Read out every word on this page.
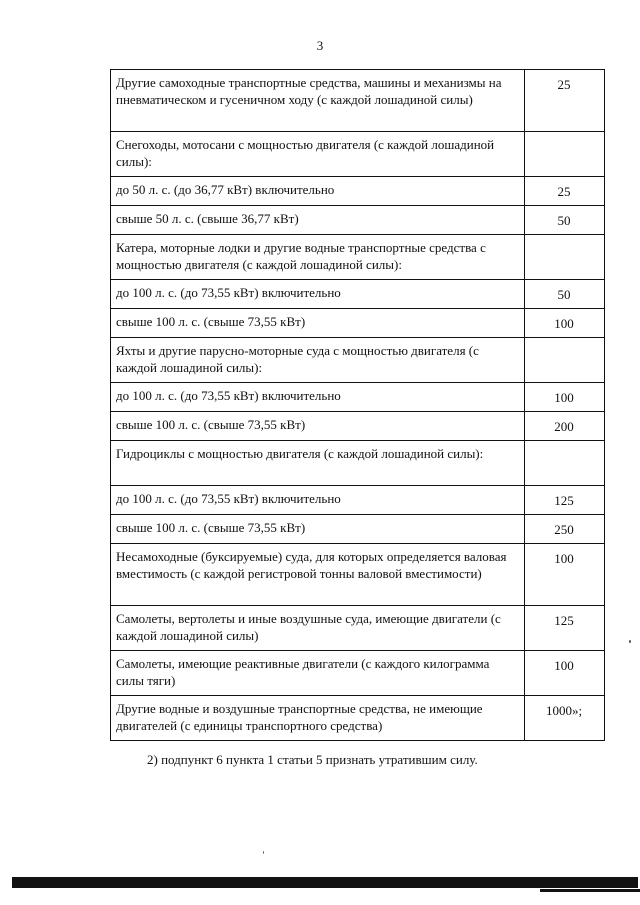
3
Другие самоходные транспортные средства, машины и механизмы на пневматическом и гусеничном ходу (с каждой лошадиной силы)	25
Снегоходы, мотосани с мощностью двигателя (с каждой лошадиной силы):	
до 50 л. с. (до 36,77 кВт) включительно	25
свыше 50 л. с. (свыше 36,77 кВт)	50
Катера, моторные лодки и другие водные транспортные средства с мощностью двигателя (с каждой лошадиной силы):	
до 100 л. с. (до 73,55 кВт) включительно	50
свыше 100 л. с. (свыше 73,55 кВт)	100
Яхты и другие парусно-моторные суда с мощностью двигателя (с каждой лошадиной силы):	
до 100 л. с. (до 73,55 кВт) включительно	100
свыше 100 л. с. (свыше 73,55 кВт)	200
Гидроциклы с мощностью двигателя (с каждой лошадиной силы):	
до 100 л. с. (до 73,55 кВт) включительно	125
свыше 100 л. с. (свыше 73,55 кВт)	250
Несамоходные (буксируемые) суда, для которых определяется валовая вместимость (с каждой регистровой тонны валовой вместимости)	100
Самолеты, вертолеты и иные воздушные суда, имеющие двигатели (с каждой лошадиной силы)	125
Самолеты, имеющие реактивные двигатели (с каждого килограмма силы тяги)	100
Другие водные и воздушные транспортные средства, не имеющие двигателей (с единицы транспортного средства)	1000»;
2) подпункт 6 пункта 1 статьи 5 признать утратившим силу.
